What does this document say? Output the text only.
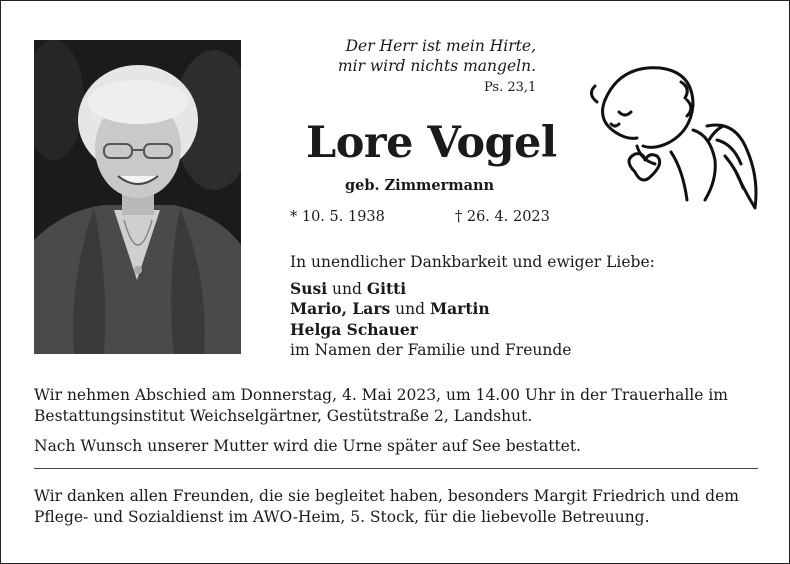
Der Herr ist mein Hirte,
mir wird nichts mangeln.
Ps. 23,1
Lore Vogel
geb. Zimmermann
* 10. 5. 1938	† 26. 4. 2023
In unendlicher Dankbarkeit und ewiger Liebe:
Susi und Gitti
Mario, Lars und Martin
Helga Schauer
im Namen der Familie und Freunde
Wir nehmen Abschied am Donnerstag, 4. Mai 2023, um 14.00 Uhr in der Trauerhalle im Bestattungsinstitut Weichselgärtner, Gestütstraße 2, Landshut.
Nach Wunsch unserer Mutter wird die Urne später auf See bestattet.
Wir danken allen Freunden, die sie begleitet haben, besonders Margit Friedrich und dem Pflege- und Sozialdienst im AWO-Heim, 5. Stock, für die liebevolle Betreuung.
